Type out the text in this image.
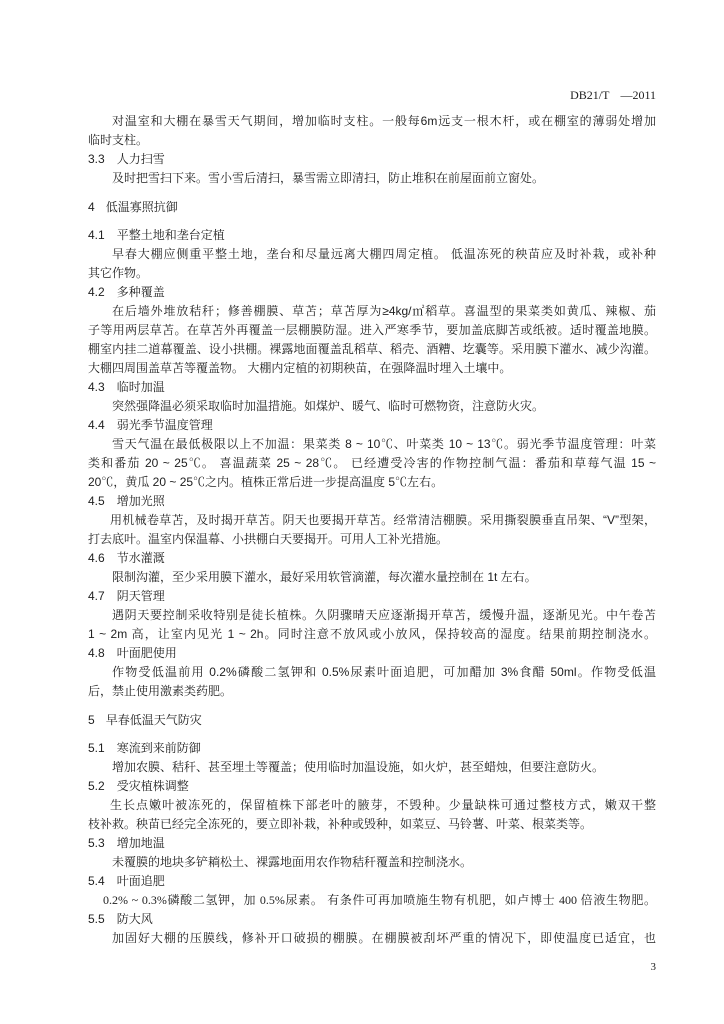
DB21/T —2011
对温室和大棚在暴雪天气期间，增加临时支柱。一般每6m远支一根木杆，或在棚室的薄弱处增加
临时支柱。
3.3 人力扫雪
及时把雪扫下来。雪小雪后清扫，暴雪需立即清扫，防止堆积在前屋面前立窗处。
4 低温寡照抗御
4.1 平整土地和垄台定植
早春大棚应侧重平整土地，垄台和尽量远离大棚四周定植。 低温冻死的秧苗应及时补栽，或补种
其它作物。
4.2 多种覆盖
在后墙外堆放秸秆；修善棚膜、草苫；草苫厚为≥4kg/㎡稻草。喜温型的果菜类如黄瓜、辣椒、茄
子等用两层草苫。在草苫外再覆盖一层棚膜防湿。进入严寒季节，要加盖底脚苫或纸被。适时覆盖地膜。
棚室内挂二道幕覆盖、设小拱棚。裸露地面覆盖乱稻草、稻壳、酒糟、圪囊等。采用膜下灌水、减少沟灌。
大棚四周围盖草苫等覆盖物。 大棚内定植的初期秧苗，在强降温时埋入土壤中。
4.3 临时加温
突然强降温必须采取临时加温措施。如煤炉、暖气、临时可燃物资，注意防火灾。
4.4 弱光季节温度管理
雪天气温在最低极限以上不加温：果菜类 8 ~ 10℃、叶菜类 10 ~ 13℃。弱光季节温度管理：叶菜
类和番茄 20 ~ 25℃。 喜温蔬菜 25 ~ 28℃。 已经遭受冷害的作物控制气温：番茄和草莓气温 15 ~
20℃，黄瓜 20 ~ 25℃之内。植株正常后进一步提高温度 5℃左右。
4.5 增加光照
用机械卷草苫，及时揭开草苫。阴天也要揭开草苫。经常清洁棚膜。采用撕裂膜垂直吊架、“V”型架，
打去底叶。温室内保温幕、小拱棚白天要揭开。可用人工补光措施。
4.6 节水灌溉
限制沟灌，至少采用膜下灌水，最好采用软管滴灌，每次灌水量控制在 1t 左右。
4.7 阴天管理
遇阴天要控制采收特别是徒长植株。久阴骤晴天应逐渐揭开草苫，缓慢升温，逐渐见光。中午卷苫
1 ~ 2m 高，让室内见光 1 ~ 2h。同时注意不放风或小放风，保持较高的湿度。结果前期控制浇水。
4.8 叶面肥使用
作物受低温前用 0.2%磷酸二氢钾和 0.5%尿素叶面追肥，可加醋加 3%食醋 50ml。作物受低温
后，禁止使用激素类药肥。
5 早春低温天气防灾
5.1 寒流到来前防御
增加农膜、秸秆、甚至埋土等覆盖；使用临时加温设施，如火炉，甚至蜡烛，但要注意防火。
5.2 受灾植株调整
生长点嫩叶被冻死的，保留植株下部老叶的腋芽，不毁种。少量缺株可通过整枝方式，嫩双干整
枝补救。秧苗已经完全冻死的，要立即补栽，补种或毁种，如菜豆、马铃薯、叶菜、根菜类等。
5.3 增加地温
未覆膜的地块多铲耥松土、裸露地面用农作物秸秆覆盖和控制浇水。
5.4 叶面追肥
0.2% ~ 0.3%磷酸二氢钾，加 0.5%尿素。 有条件可再加喷施生物有机肥，如卢博士 400 倍液生物肥。
5.5 防大风
加固好大棚的压膜线，修补开口破损的棚膜。在棚膜被刮坏严重的情况下，即使温度已适宜，也
3
